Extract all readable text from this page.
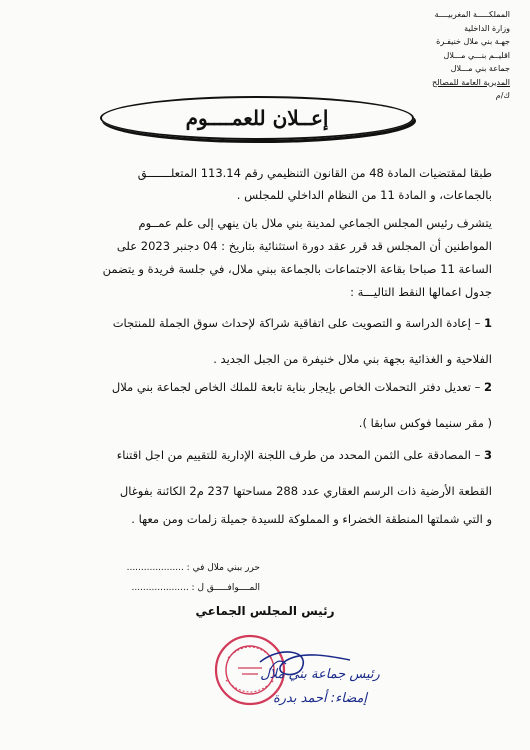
المملكـــــة المغربيــــة
وزارة الداخلية
جهـة بني ملال خنيفـرة
اقليــم بنـــي مـــلال
جماعة بني مـــلال
المديرية العامة للمصالح
ك/م
إعــلان للعمــــوم
طبقا لمقتضيات المادة 48 من القانون التنظيمي رقم 113.14 المتعلـــــــق
بالجماعات، و المادة 11 من النظام الداخلي للمجلس .
يتشرف رئيس المجلس الجماعي لمدينة بني ملال بان ينهي إلى علم عمــوم
المواطنين أن المجلس قد قرر عقد دورة استثنائية بتاريخ : 04 دجنبر 2023 على
الساعة 11 صباحا بقاعة الاجتماعات بالجماعة ببني ملال، في جلسة فريدة و يتضمن
جدول اعمالها النقط التاليـــة :
1 – إعادة الدراسة و التصويت على اتفاقية شراكة لإحداث سوق الجملة للمنتجات
الفلاحية و الغذائية بجهة بني ملال خنيفرة من الجبل الجديد .
2 – تعديل دفتر التحملات الخاص بإيجار بناية تابعة للملك الخاص لجماعة بني ملال
( مقر سنيما فوكس سابقا ).
3 – المصادقة على الثمن المحدد من طرف اللجنة الإدارية للتقييم من اجل اقتناء
القطعة الأرضية ذات الرسم العقاري عدد 288 مساحتها 237 م2 الكائنة بفوغال
و التي شملتها المنطقة الخضراء و المملوكة للسيدة جميلة زلمات ومن معها .
حرر ببني ملال في : ....................
المــــوافـــــق ل : ....................
رئيس المجلس الجماعي
رئيس جماعة بني ملال
إمضاء: أحمد بدرة
